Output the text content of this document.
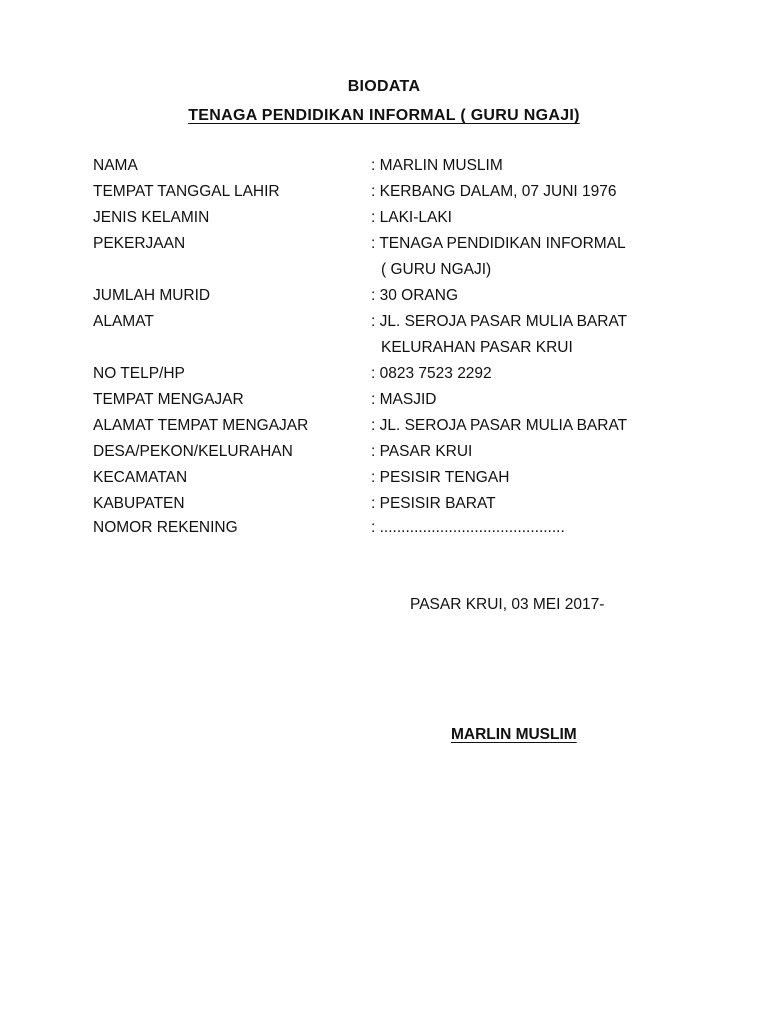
BIODATA
TENAGA PENDIDIKAN INFORMAL ( GURU NGAJI)
NAMA	: MARLIN MUSLIM
TEMPAT TANGGAL LAHIR	: KERBANG DALAM, 07 JUNI 1976
JENIS KELAMIN	: LAKI-LAKI
PEKERJAAN	: TENAGA PENDIDIKAN INFORMAL
( GURU NGAJI)
JUMLAH MURID	: 30 ORANG
ALAMAT	: JL. SEROJA PASAR MULIA BARAT
KELURAHAN PASAR KRUI
NO TELP/HP	: 0823 7523 2292
TEMPAT MENGAJAR	: MASJID
ALAMAT TEMPAT MENGAJAR	: JL. SEROJA PASAR MULIA BARAT
DESA/PEKON/KELURAHAN	: PASAR KRUI
KECAMATAN	: PESISIR TENGAH
KABUPATEN	: PESISIR BARAT
NOMOR REKENING	: ...........................................
PASAR KRUI, 03 MEI 2017-
MARLIN MUSLIM
